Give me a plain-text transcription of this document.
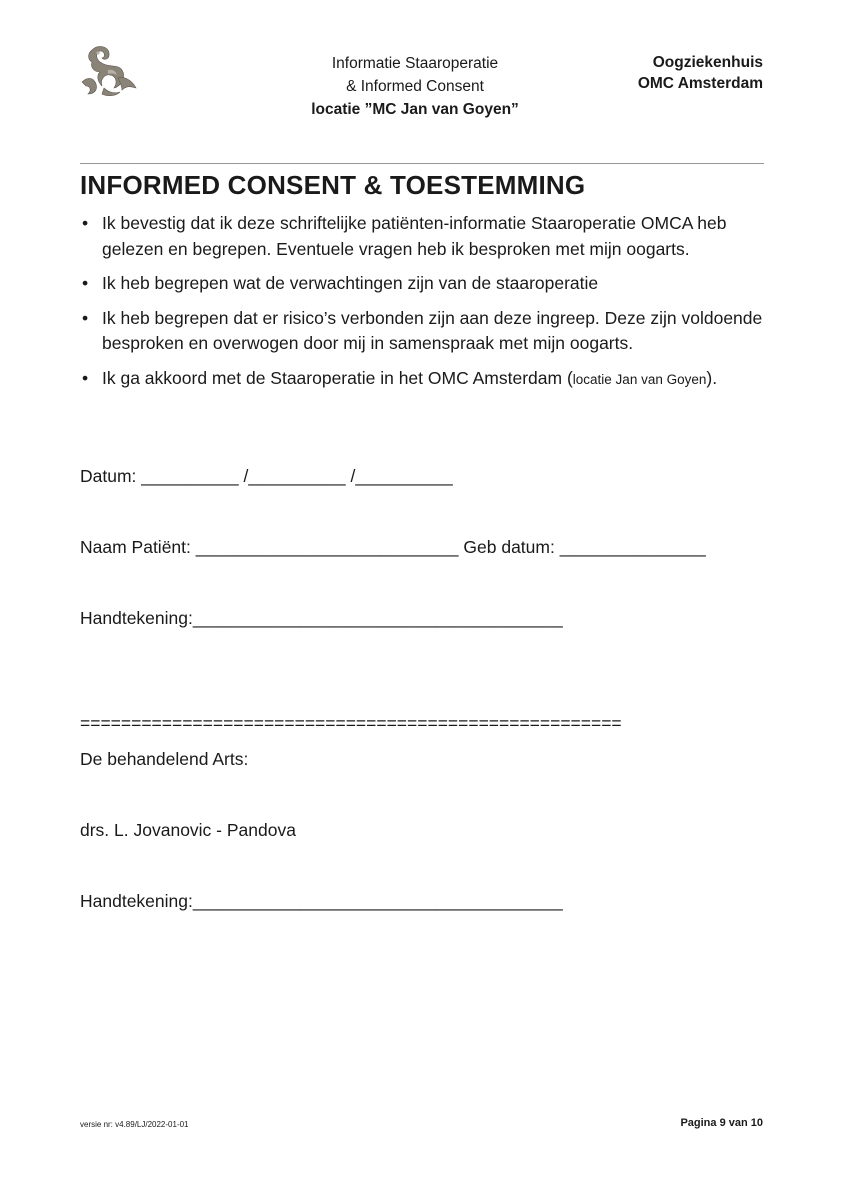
Informatie Staaroperatie
& Informed Consent
locatie ”MC Jan van Goyen”
Oogziekenhuis
OMC Amsterdam
INFORMED CONSENT & TOESTEMMING
• Ik bevestig dat ik deze schriftelijke patiënten-informatie Staaroperatie OMCA heb gelezen en begrepen. Eventuele vragen heb ik besproken met mijn oogarts.
• Ik heb begrepen wat de verwachtingen zijn van de staaroperatie
• Ik heb begrepen dat er risico’s verbonden zijn aan deze ingreep. Deze zijn voldoende besproken en overwogen door mij in samenspraak met mijn oogarts.
• Ik ga akkoord met de Staaroperatie in het OMC Amsterdam (locatie Jan van Goyen).
Datum: __________ /__________ /__________
Naam Patiënt: ___________________________ Geb datum: _______________
Handtekening:______________________________________
=====================================================
De behandelend Arts:
drs. L. Jovanovic - Pandova
Handtekening:______________________________________
versie nr: v4.89/LJ/2022-01-01	Pagina 9 van 10
